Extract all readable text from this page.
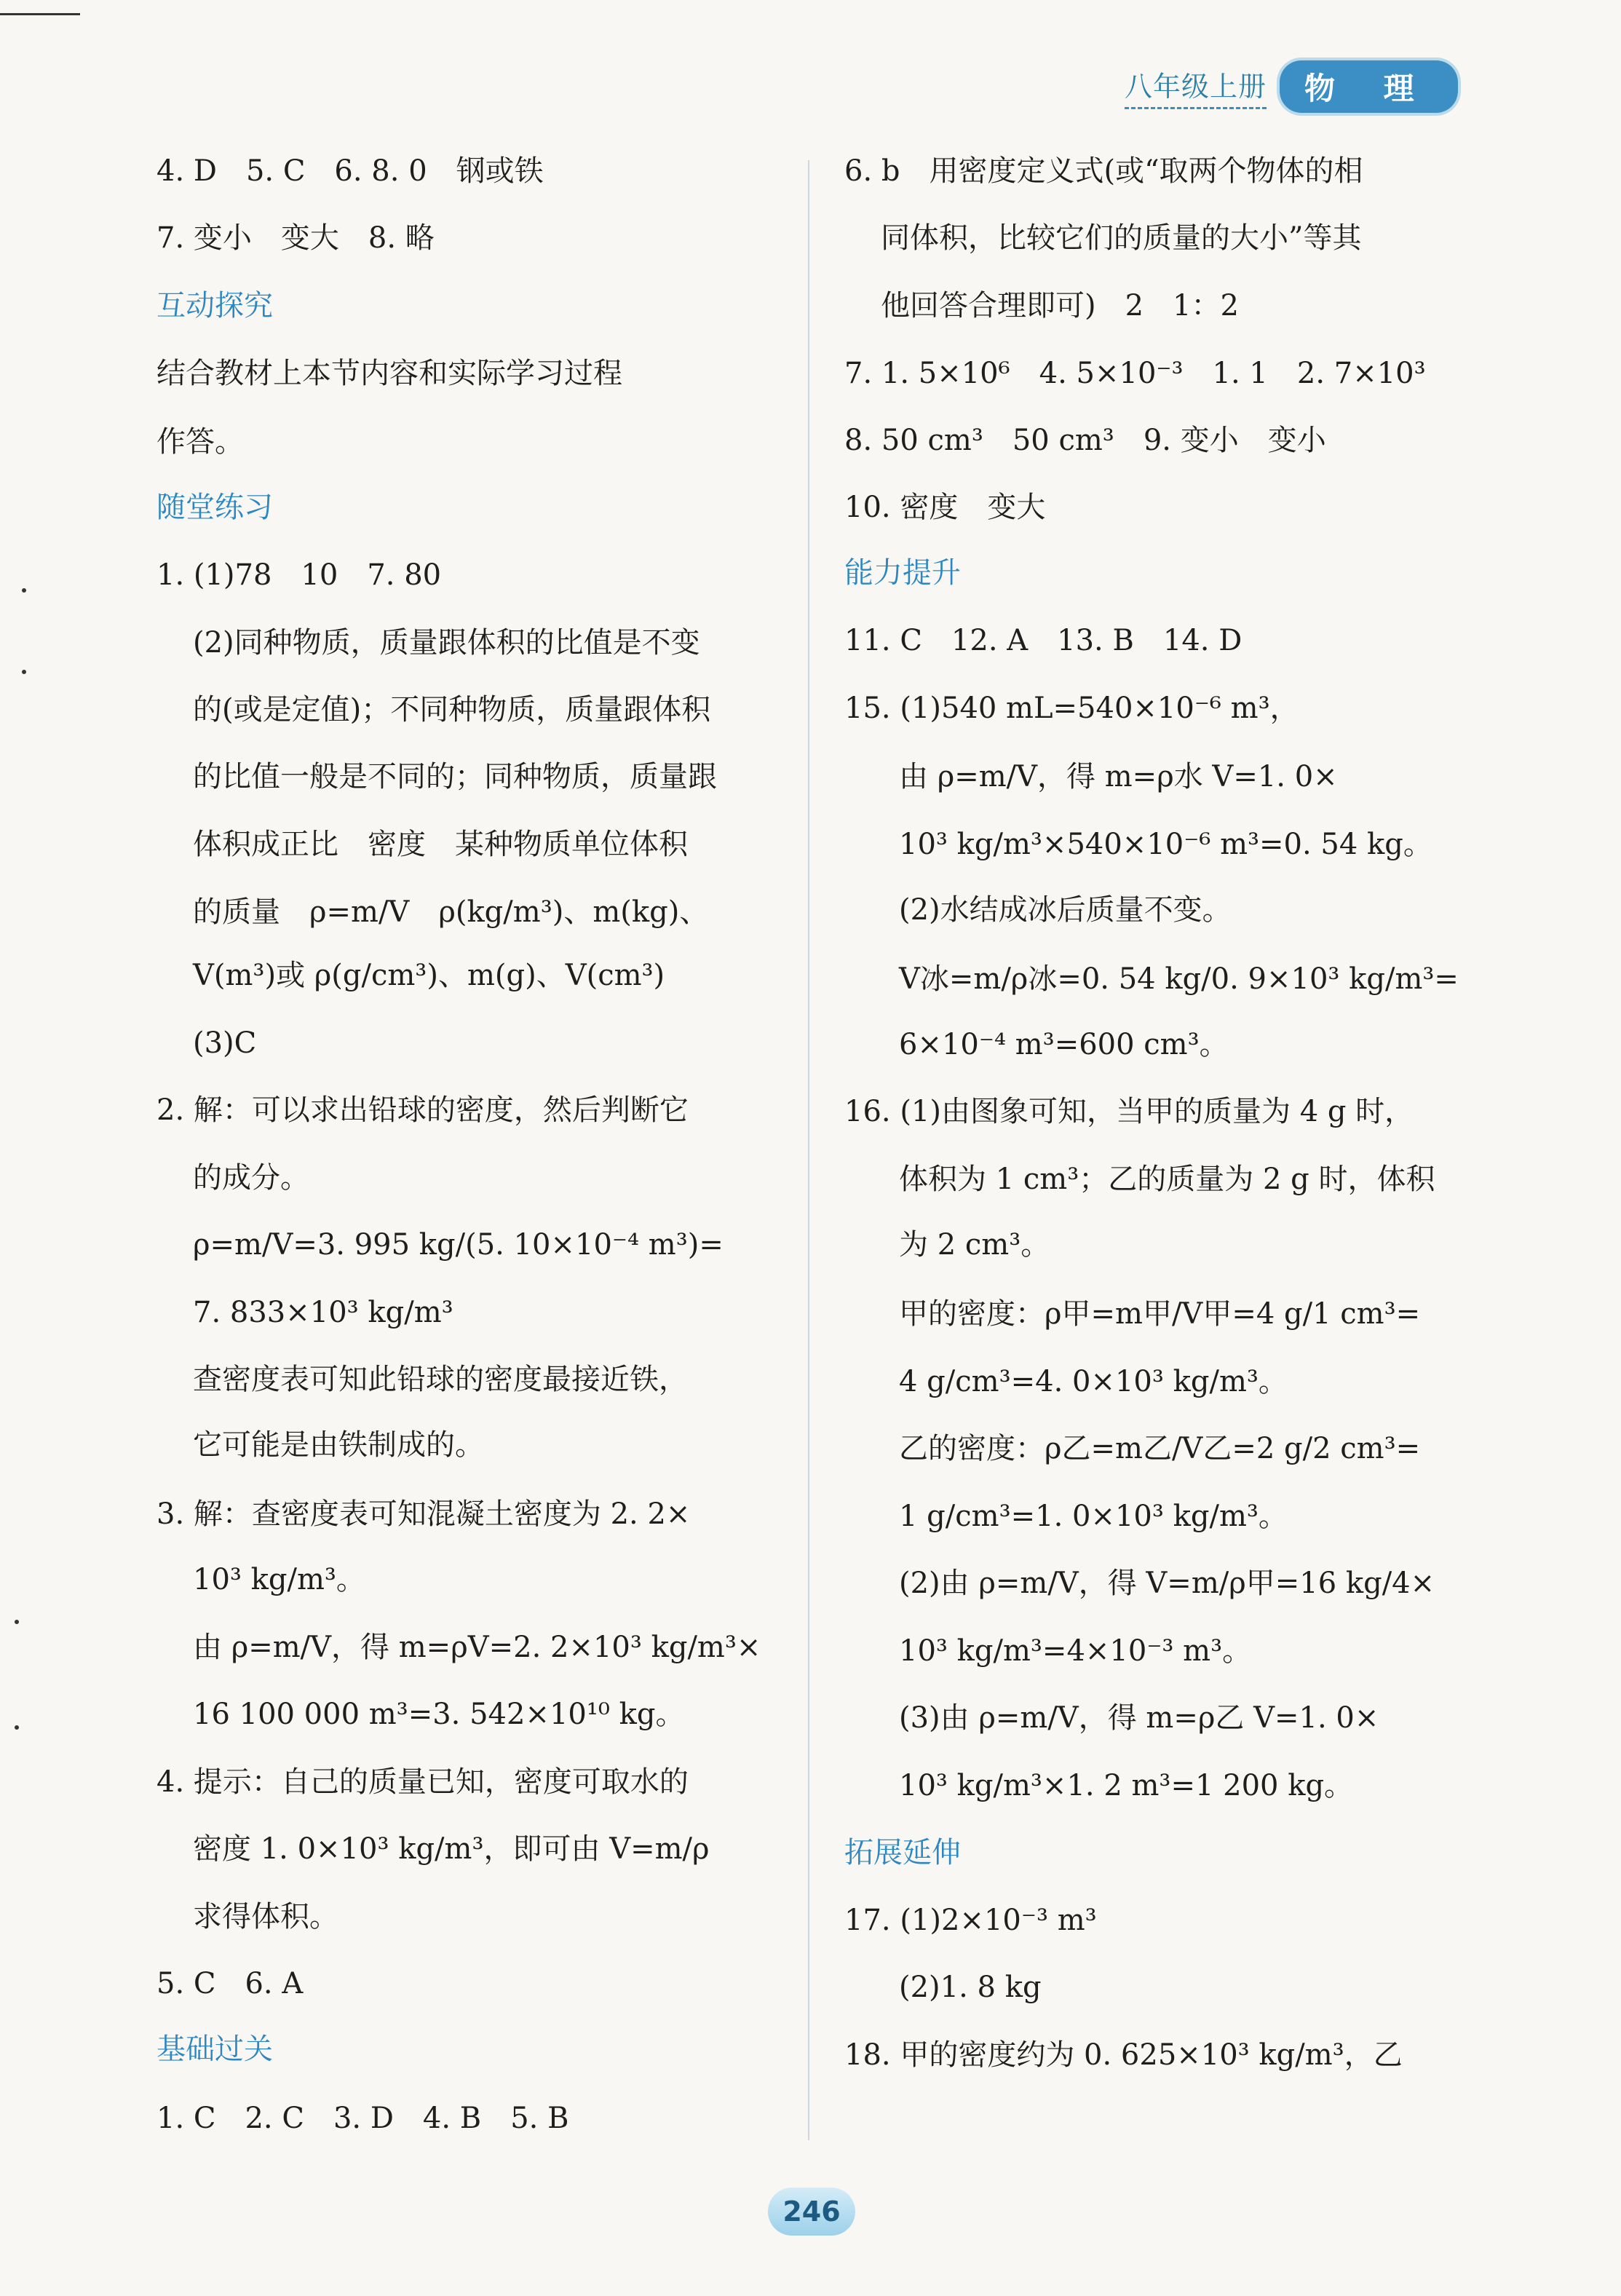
八年级上册	物 理
4. D　5. C　6. 8. 0　钢或铁
7. 变小　变大　8. 略
互动探究
结合教材上本节内容和实际学习过程
作答。
随堂练习
1. (1)78　10　7. 80
(2)同种物质，质量跟体积的比值是不变
的(或是定值)；不同种物质，质量跟体积
的比值一般是不同的；同种物质，质量跟
体积成正比　密度　某种物质单位体积
的质量　ρ=m/V　ρ(kg/m³)、m(kg)、
V(m³)或 ρ(g/cm³)、m(g)、V(cm³)
(3)C
2. 解：可以求出铅球的密度，然后判断它
的成分。
ρ=m/V=3. 995 kg/(5. 10×10⁻⁴ m³)=
7. 833×10³ kg/m³
查密度表可知此铅球的密度最接近铁，
它可能是由铁制成的。
3. 解：查密度表可知混凝土密度为 2. 2×
10³ kg/m³。
由 ρ=m/V，得 m=ρV=2. 2×10³ kg/m³×
16 100 000 m³=3. 542×10¹⁰ kg。
4. 提示：自己的质量已知，密度可取水的
密度 1. 0×10³ kg/m³，即可由 V=m/ρ
求得体积。
5. C　6. A
基础过关
1. C　2. C　3. D　4. B　5. B
6. b　用密度定义式(或“取两个物体的相
同体积，比较它们的质量的大小”等其
他回答合理即可)　2　1：2
7. 1. 5×10⁶　4. 5×10⁻³　1. 1　2. 7×10³
8. 50 cm³　50 cm³　9. 变小　变小
10. 密度　变大
能力提升
11. C　12. A　13. B　14. D
15. (1)540 mL=540×10⁻⁶ m³，
由 ρ=m/V，得 m=ρ水 V=1. 0×
10³ kg/m³×540×10⁻⁶ m³=0. 54 kg。
(2)水结成冰后质量不变。
V冰=m/ρ冰=0. 54 kg/0. 9×10³ kg/m³=
6×10⁻⁴ m³=600 cm³。
16. (1)由图象可知，当甲的质量为 4 g 时，
体积为 1 cm³；乙的质量为 2 g 时，体积
为 2 cm³。
甲的密度：ρ甲=m甲/V甲=4 g/1 cm³=
4 g/cm³=4. 0×10³ kg/m³。
乙的密度：ρ乙=m乙/V乙=2 g/2 cm³=
1 g/cm³=1. 0×10³ kg/m³。
(2)由 ρ=m/V，得 V=m/ρ甲=16 kg/4×
10³ kg/m³=4×10⁻³ m³。
(3)由 ρ=m/V，得 m=ρ乙 V=1. 0×
10³ kg/m³×1. 2 m³=1 200 kg。
拓展延伸
17. (1)2×10⁻³ m³
(2)1. 8 kg
18. 甲的密度约为 0. 625×10³ kg/m³，乙
246
